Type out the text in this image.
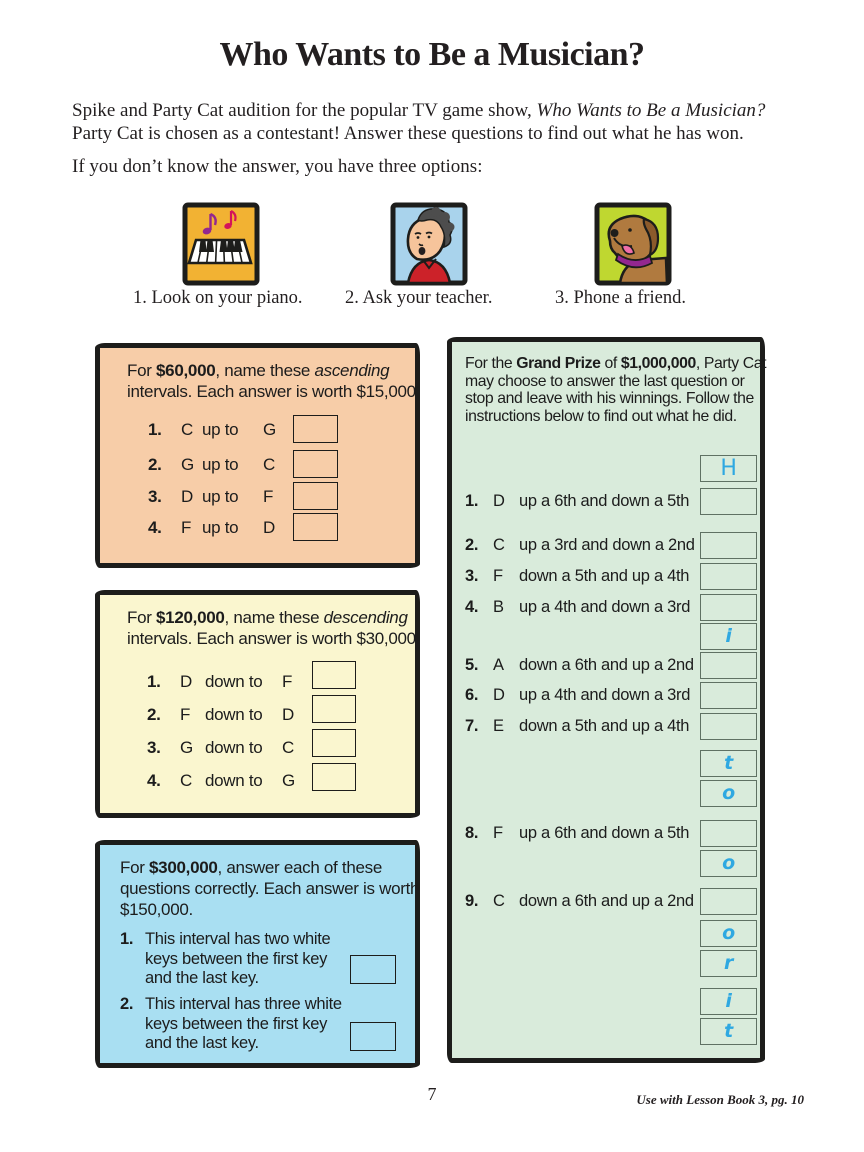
Who Wants to Be a Musician?
Spike and Party Cat audition for the popular TV game show, Who Wants to Be a Musician?
Party Cat is chosen as a contestant! Answer these questions to find out what he has won.
If you don’t know the answer, you have three options:
1. Look on your piano. 2. Ask your teacher.	3. Phone a friend.
For $60,000, name these ascending
intervals. Each answer is worth $15,000.
1. C up to G
2. G up to C
3. D up to F
4. F up to D
For $120,000, name these descending
intervals. Each answer is worth $30,000.
1. D down to F
2. F down to D
3. G down to C
4. C down to G
For $300,000, answer each of these
questions correctly. Each answer is worth
$150,000.
1. This interval has two white
keys between the first key
and the last key.
2. This interval has three white
keys between the first key
and the last key.
For the Grand Prize of $1,000,000, Party Cat
may choose to answer the last question or
stop and leave with his winnings. Follow the
instructions below to find out what he did.
1. D up a 6th and down a 5th
2. C up a 3rd and down a 2nd
3. F down a 5th and up a 4th
4. B up a 4th and down a 3rd
5. A down a 6th and up a 2nd
6. D up a 4th and down a 3rd
7. E down a 5th and up a 4th
8. F up a 6th and down a 5th
9. C down a 6th and up a 2nd
H
i
t
o
o
o
r
i
t
7	Use with Lesson Book 3, pg. 10
